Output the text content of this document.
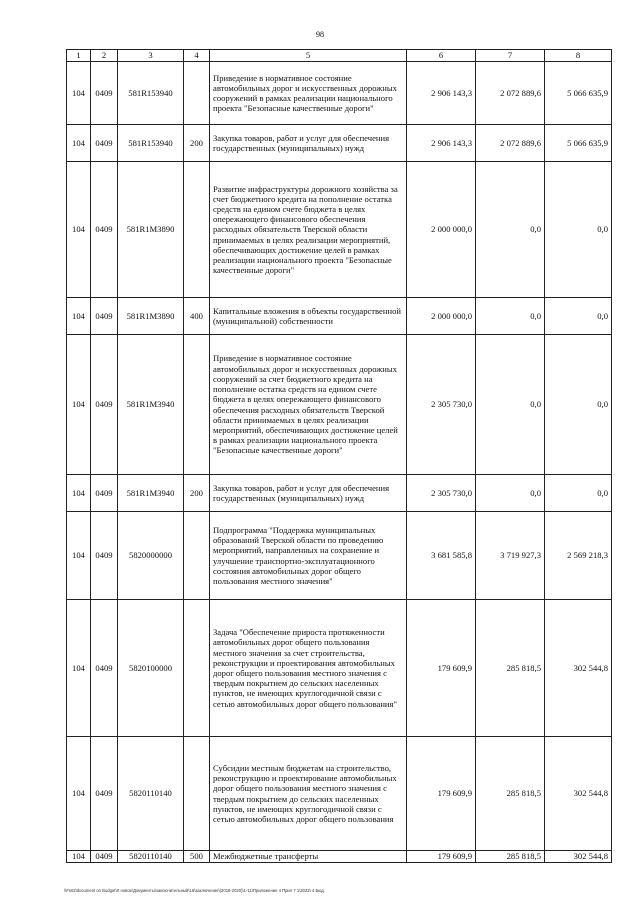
98
1	2	3	4	5	6	7	8
104	0409	581R153940		Приведение в нормативное состояние автомобильных дорог и искусственных дорожных сооружений в рамках реализации национального проекта "Безопасные качественные дороги"	2 906 143,3	2 072 889,6	5 066 635,9
104	0409	581R153940	200	Закупка товаров, работ и услуг для обеспечения государственных (муниципальных) нужд	2 906 143,3	2 072 889,6	5 066 635,9
104	0409	581R1M3890		Развитие инфраструктуры дорожного хозяйства за счет бюджетного кредита на пополнение остатка средств на едином счете бюджета в целях опережающего финансового обеспечения расходных обязательств Тверской области принимаемых в целях реализации мероприятий, обеспечивающих достижение целей в рамках реализации национального проекта "Безопасные качественные дороги"	2 000 000,0	0,0	0,0
104	0409	581R1M3890	400	Капитальные вложения в объекты государственной (муниципальной) собственности	2 000 000,0	0,0	0,0
104	0409	581R1M3940		Приведение в нормативное состояние автомобильных дорог и искусственных дорожных сооружений за счет бюджетного кредита на пополнение остатка средств на едином счете бюджета в целях опережающего финансового обеспечения расходных обязательств Тверской области принимаемых в целях реализации мероприятий, обеспечивающих достижение целей в рамках реализации национального проекта "Безопасные качественные дороги"	2 305 730,0	0,0	0,0
104	0409	581R1M3940	200	Закупка товаров, работ и услуг для обеспечения государственных (муниципальных) нужд	2 305 730,0	0,0	0,0
104	0409	5820000000		Подпрограмма "Поддержка муниципальных образований Тверской области по проведению мероприятий, направленных на сохранение и улучшение транспортно-эксплуатационного состояния автомобильных дорог общего пользования местного значения"	3 681 585,8	3 719 927,3	2 569 218,3
104	0409	5820100000		Задача "Обеспечение прироста протяженности автомобильных дорог общего пользования местного значения за счет строительства, реконструкции и проектирования автомобильных дорог общего пользования местного значения с твердым покрытием до сельских населенных пунктов, не имеющих круглогодичной связи с сетью автомобильных дорог общего пользования"	179 609,9	285 818,5	302 544,8
104	0409	5820110140		Субсидии местным бюджетам на строительство, реконструкцию и проектирование автомобильных дорог общего пользования местного значения с твердым покрытием до сельских населенных пунктов, не имеющих круглогодичной связи с сетью автомобильных дорог общего пользования	179 609,9	285 818,5	302 544,8
104	0409	5820110140	500	Межбюджетные трансферты	179 609,9	285 818,5	302 544,8
\\Fs02\document on Budget\Л новое\Документы\заключительный\16\заключение\(2019-2020)\1-11\Приложение 4 Прил 7 1\2022\ 4 Бюд.
